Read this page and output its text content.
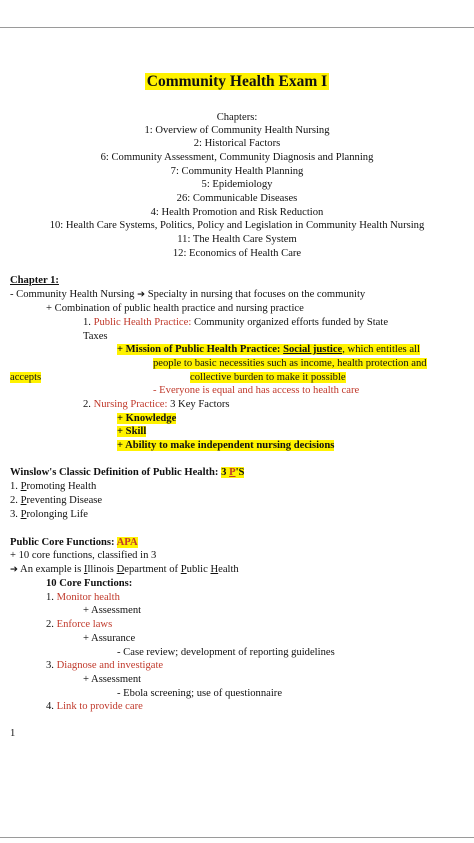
Community Health Exam I
Chapters:
1: Overview of Community Health Nursing
2: Historical Factors
6: Community Assessment, Community Diagnosis and Planning
7: Community Health Planning
5: Epidemiology
26: Communicable Diseases
4: Health Promotion and Risk Reduction
10: Health Care Systems, Politics, Policy and Legislation in Community Health Nursing
11: The Health Care System
12: Economics of Health Care
Chapter 1:
- Community Health Nursing ➔ Specialty in nursing that focuses on the community
+ Combination of public health practice and nursing practice
1. Public Health Practice: Community organized efforts funded by State
Taxes
+ Mission of Public Health Practice: Social justice, which entitles all
people to basic necessities such as income, health protection and
accepts	collective burden to make it possible
- Everyone is equal and has access to health care
2. Nursing Practice: 3 Key Factors
+ Knowledge
+ Skill
+ Ability to make independent nursing decisions
Winslow's Classic Definition of Public Health: 3 P'S
1. Promoting Health
2. Preventing Disease
3. Prolonging Life
Public Core Functions: APA
+ 10 core functions, classified in 3
➔ An example is Illinois Department of Public Health
10 Core Functions:
1. Monitor health
+ Assessment
2. Enforce laws
+ Assurance
- Case review; development of reporting guidelines
3. Diagnose and investigate
+ Assessment
- Ebola screening; use of questionnaire
4. Link to provide care
1
